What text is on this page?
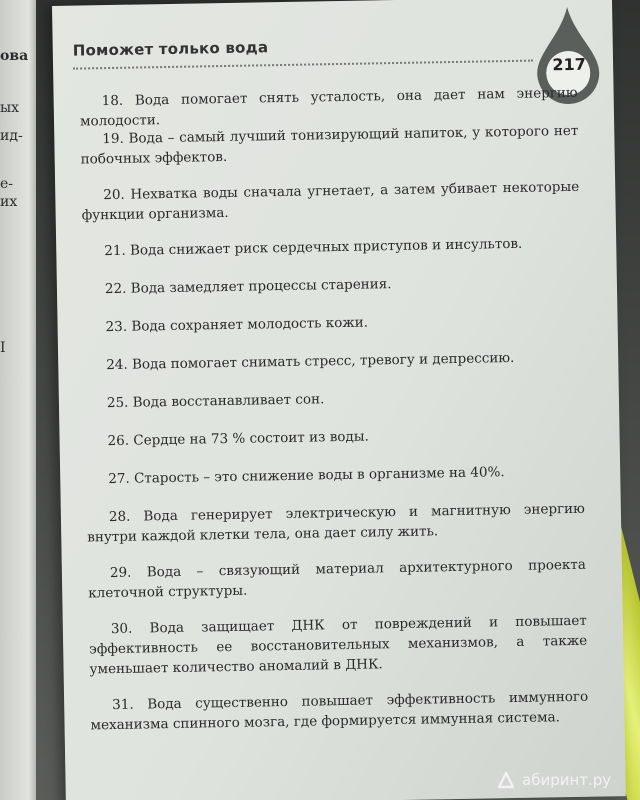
ова
ых
ид-
е-
их
I
Поможет только вода
217
18. Вода помогает снять усталость, она дает нам энергию молодости.
19. Вода – самый лучший тонизирующий напиток, у которого нет побочных эффектов.
20. Нехватка воды сначала угнетает, а затем убивает некоторые функции организма.
21. Вода снижает риск сердечных приступов и инсультов.
22. Вода замедляет процессы старения.
23. Вода сохраняет молодость кожи.
24. Вода помогает снимать стресс, тревогу и депрессию.
25. Вода восстанавливает сон.
26. Сердце на 73 % состоит из воды.
27. Старость – это снижение воды в организме на 40%.
28. Вода генерирует электрическую и магнитную энергию внутри каждой клетки тела, она дает силу жить.
29. Вода – связующий материал архитектурного проекта клеточной структуры.
30. Вода защищает ДНК от повреждений и повышает эффективность ее восстановительных механизмов, а также уменьшает количество аномалий в ДНК.
31. Вода существенно повышает эффективность иммунного механизма спинного мозга, где формируется иммунная система.
абиринт.ру
